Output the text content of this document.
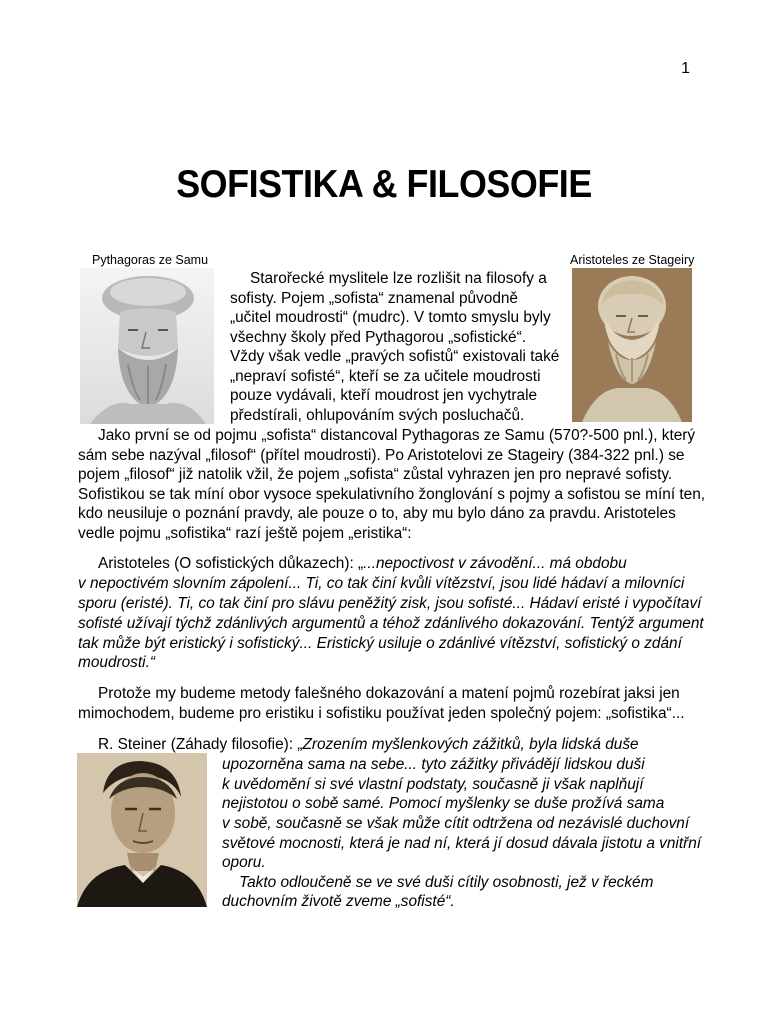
1
SOFISTIKA & FILOSOFIE
Pythagoras ze Samu	Aristoteles ze Stageiry
Starořecké myslitele lze rozlišit na filosofy a
sofisty. Pojem „sofista“ znamenal původně
„učitel moudrosti“ (mudrc). V tomto smyslu byly
všechny školy před Pythagorou „sofistické“.
Vždy však vedle „pravých sofistů“ existovali také
„nepraví sofisté“, kteří se za učitele moudrosti
pouze vydávali, kteří moudrost jen vychytrale
předstírali, ohlupováním svých posluchačů.
Jako první se od pojmu „sofista“ distancoval Pythagoras ze Samu (570?-500 pnl.), který
sám sebe nazýval „filosof“ (přítel moudrosti). Po Aristotelovi ze Stageiry (384-322 pnl.) se
pojem „filosof“ již natolik vžil, že pojem „sofista“ zůstal vyhrazen jen pro nepravé sofisty.
Sofistikou se tak míní obor vysoce spekulativního žonglování s pojmy a sofistou se míní ten,
kdo neusiluje o poznání pravdy, ale pouze o to, aby mu bylo dáno za pravdu. Aristoteles
vedle pojmu „sofistika“ razí ještě pojem „eristika“:
Aristoteles (O sofistických důkazech): „...nepoctivost v závodění... má obdobu
v nepoctivém slovním zápolení... Ti, co tak činí kvůli vítězství, jsou lidé hádaví a milovníci
sporu (eristé). Ti, co tak činí pro slávu peněžitý zisk, jsou sofisté... Hádaví eristé i vypočítaví
sofisté užívají týchž zdánlivých argumentů a téhož zdánlivého dokazování. Tentýž argument
tak může být eristický i sofistický... Eristický usiluje o zdánlivé vítězství, sofistický o zdání
moudrosti.“
Protože my budeme metody falešného dokazování a matení pojmů rozebírat jaksi jen
mimochodem, budeme pro eristiku i sofistiku používat jeden společný pojem: „sofistika“...
R. Steiner (Záhady filosofie): „Zrozením myšlenkových zážitků, byla lidská duše
upozorněna sama na sebe... tyto zážitky přivádějí lidskou duši
k uvědomění si své vlastní podstaty, současně ji však naplňují
nejistotou o sobě samé. Pomocí myšlenky se duše prožívá sama
v sobě, současně se však může cítit odtržena od nezávislé duchovní
světové mocnosti, která je nad ní, která jí dosud dávala jistotu a vnitřní
oporu.
Takto odloučeně se ve své duši cítily osobnosti, jež v řeckém
duchovním životě zveme „sofisté“.
